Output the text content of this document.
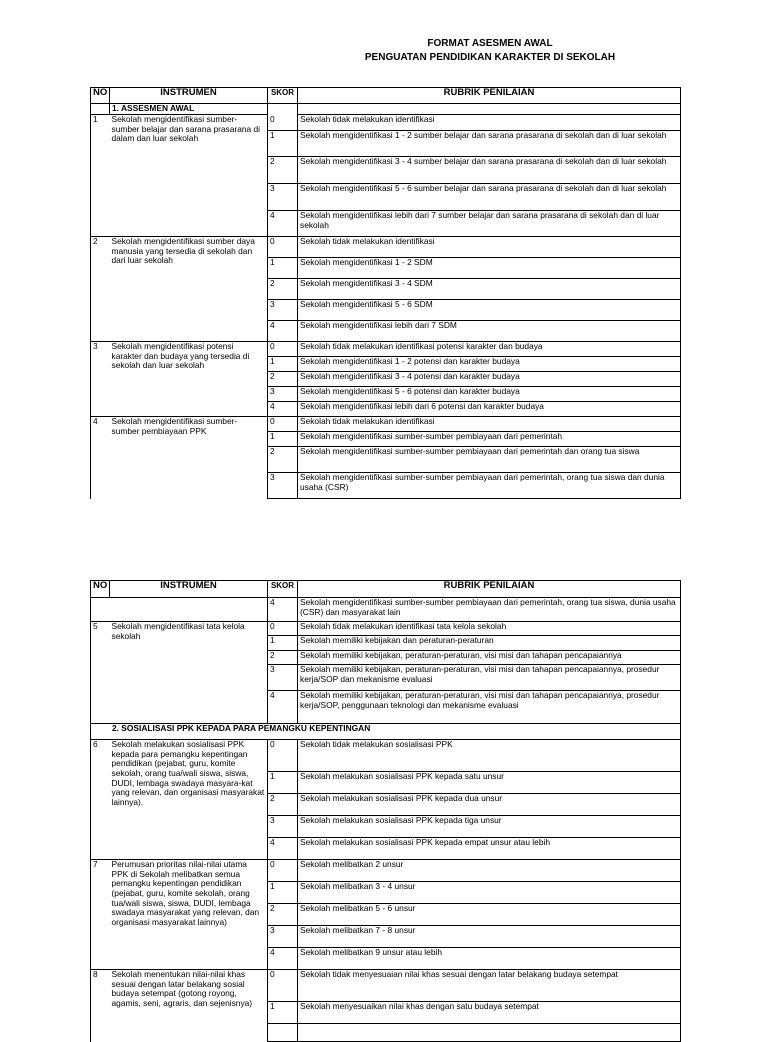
FORMAT ASESMEN AWAL
PENGUATAN PENDIDIKAN KARAKTER DI SEKOLAH
NO	INSTRUMEN	SKOR	RUBRIK PENILAIAN
	1. ASSESMEN AWAL		
1	Sekolah mengidentifikasi sumber-sumber belajar dan sarana prasarana di dalam dan luar sekolah	0	Sekolah tidak melakukan identifikasi
		1	Sekolah mengidentifikasi 1 - 2 sumber belajar dan sarana prasarana di sekolah dan di luar sekolah
		2	Sekolah mengidentifikasi 3 - 4 sumber belajar dan sarana prasarana di sekolah dan di luar sekolah
		3	Sekolah mengidentifikasi 5 - 6 sumber belajar dan sarana prasarana di sekolah dan di luar sekolah
		4	Sekolah mengidentifikasi lebih dari 7 sumber belajar dan sarana prasarana di sekolah dan di luar sekolah
2	Sekolah mengidentifikasi sumber daya manusia yang tersedia di sekolah dan dari luar sekolah	0	Sekolah tidak melakukan identifikasi
		1	Sekolah mengidentifikasi 1 - 2 SDM
		2	Sekolah mengidentifikasi 3 - 4 SDM
		3	Sekolah mengidentifikasi 5 - 6 SDM
		4	Sekolah mengidentifikasi lebih dari 7 SDM
3	Sekolah mengidentifikasi potensi karakter dan budaya yang tersedia di sekolah dan luar sekolah	0	Sekolah tidak melakukan identifikasi potensi karakter dan budaya
		1	Sekolah mengidentifikasi 1 - 2 potensi dan karakter budaya
		2	Sekolah mengidentifikasi 3 - 4 potensi dan karakter budaya
		3	Sekolah mengidentifikasi 5 - 6 potensi dan karakter budaya
		4	Sekolah mengidentifikasi lebih dari 6 potensi dan karakter budaya
4	Sekolah mengidentifikasi sumber-sumber pembiayaan PPK	0	Sekolah tidak melakukan identifikasi
		1	Sekolah mengidentifikasi sumber-sumber pembiayaan dari pemerintah
		2	Sekolah mengidentifikasi sumber-sumber pembiayaan dari pemerintah dan orang tua siswa
		3	Sekolah mengidentifikasi sumber-sumber pembiayaan dari pemerintah, orang tua siswa dan dunia usaha (CSR)
NO	INSTRUMEN	SKOR	RUBRIK PENILAIAN
		4	Sekolah mengidentifikasi sumber-sumber pembiayaan dari pemerintah, orang tua siswa, dunia usaha (CSR) dan masyarakat lain
5	Sekolah mengidentifikasi tata kelola sekolah	0	Sekolah tidak melakukan identifikasi tata kelola sekolah
		1	Sekolah memiliki kebijakan dan peraturan-peraturan
		2	Sekolah memiliki kebijakan, peraturan-peraturan, visi misi dan tahapan pencapaiannya
		3	Sekolah memiliki kebijakan, peraturan-peraturan, visi misi dan tahapan pencapaiannya, prosedur kerja/SOP dan mekanisme evaluasi
		4	Sekolah memiliki kebijakan, peraturan-peraturan, visi misi dan tahapan pencapaiannya, prosedur kerja/SOP, penggunaan teknologi dan mekanisme evaluasi
2. SOSIALISASI PPK KEPADA PARA PEMANGKU KEPENTINGAN			
6	Sekolah melakukan sosialisasi PPK kepada para pemangku kepentingan pendidikan (pejabat, guru, komite sekolah, orang tua/wali siswa, siswa, DUDI, lembaga swadaya masyara-kat yang relevan, dan organisasi masyarakat lainnya).	0	Sekolah tidak melakukan sosialisasi PPK
		1	Sekolah melakukan sosialisasi PPK kepada satu unsur
		2	Sekolah melakukan sosialisasi PPK kepada dua unsur
		3	Sekolah melakukan sosialisasi PPK kepada tiga unsur
		4	Sekolah melakukan sosialisasi PPK kepada empat unsur atau lebih
7	Perumusan prioritas nilai-nilai utama PPK di Sekolah melibatkan semua pemangku kepentingan pendidikan (pejabat, guru, komite sekolah, orang tua/wali siswa, siswa, DUDI, lembaga swadaya masyarakat yang relevan, dan organisasi masyarakat lainnya)	0	Sekolah melibatkan 2 unsur
		1	Sekolah melibatkan 3 - 4 unsur
		2	Sekolah melibatkan 5 - 6 unsur
		3	Sekolah melibatkan 7 - 8 unsur
		4	Sekolah melibatkan 9 unsur atau lebih
8	Sekolah menentukan nilai-nilai khas sesuai dengan latar belakang sosial budaya setempat (gotong royong, agamis, seni, agraris, dan sejenisnya)	0	Sekolah tidak menyesuaian nilai khas sesuai dengan latar belakang budaya setempat
		1	Sekolah menyesuaikan nilai khas dengan satu budaya setempat
